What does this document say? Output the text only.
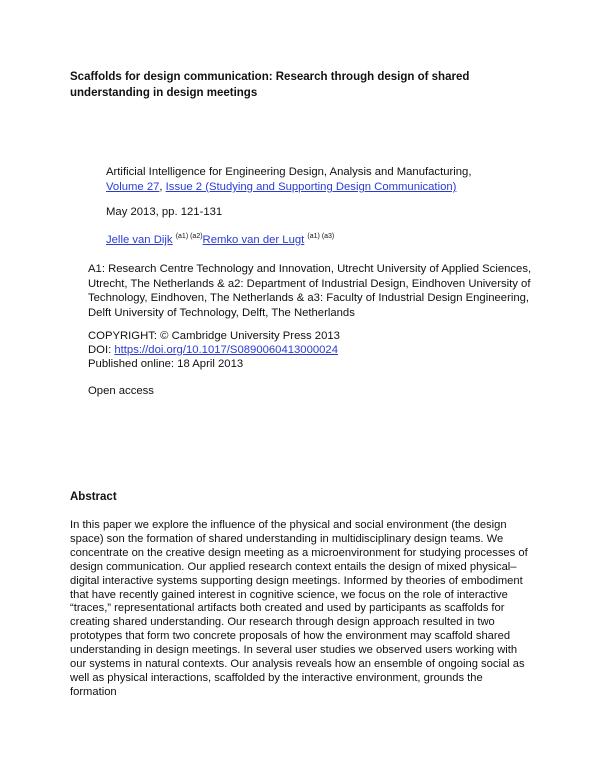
Scaffolds for design communication: Research through design of shared understanding in design meetings
Artificial Intelligence for Engineering Design, Analysis and Manufacturing,
Volume 27, Issue 2 (Studying and Supporting Design Communication)
May 2013, pp. 121-131
Jelle van Dijk $^{(a1) (a2)}$Remko van der Lugt $^{(a1) (a3)}$
A1: Research Centre Technology and Innovation, Utrecht University of Applied Sciences, Utrecht, The Netherlands & a2: Department of Industrial Design, Eindhoven University of Technology, Eindhoven, The Netherlands & a3: Faculty of Industrial Design Engineering, Delft University of Technology, Delft, The Netherlands
COPYRIGHT: © Cambridge University Press 2013
DOI: https://doi.org/10.1017/S0890060413000024
Published online: 18 April 2013
Open access
Abstract

In this paper we explore the influence of the physical and social environment (the design space) son the formation of shared understanding in multidisciplinary design teams. We concentrate on the creative design meeting as a microenvironment for studying processes of design communication. Our applied research context entails the design of mixed physical–digital interactive systems supporting design meetings. Informed by theories of embodiment that have recently gained interest in cognitive science, we focus on the role of interactive “traces,” representational artifacts both created and used by participants as scaffolds for creating shared understanding. Our research through design approach resulted in two prototypes that form two concrete proposals of how the environment may scaffold shared understanding in design meetings. In several user studies we observed users working with our systems in natural contexts. Our analysis reveals how an ensemble of ongoing social as well as physical interactions, scaffolded by the interactive environment, grounds the formation
